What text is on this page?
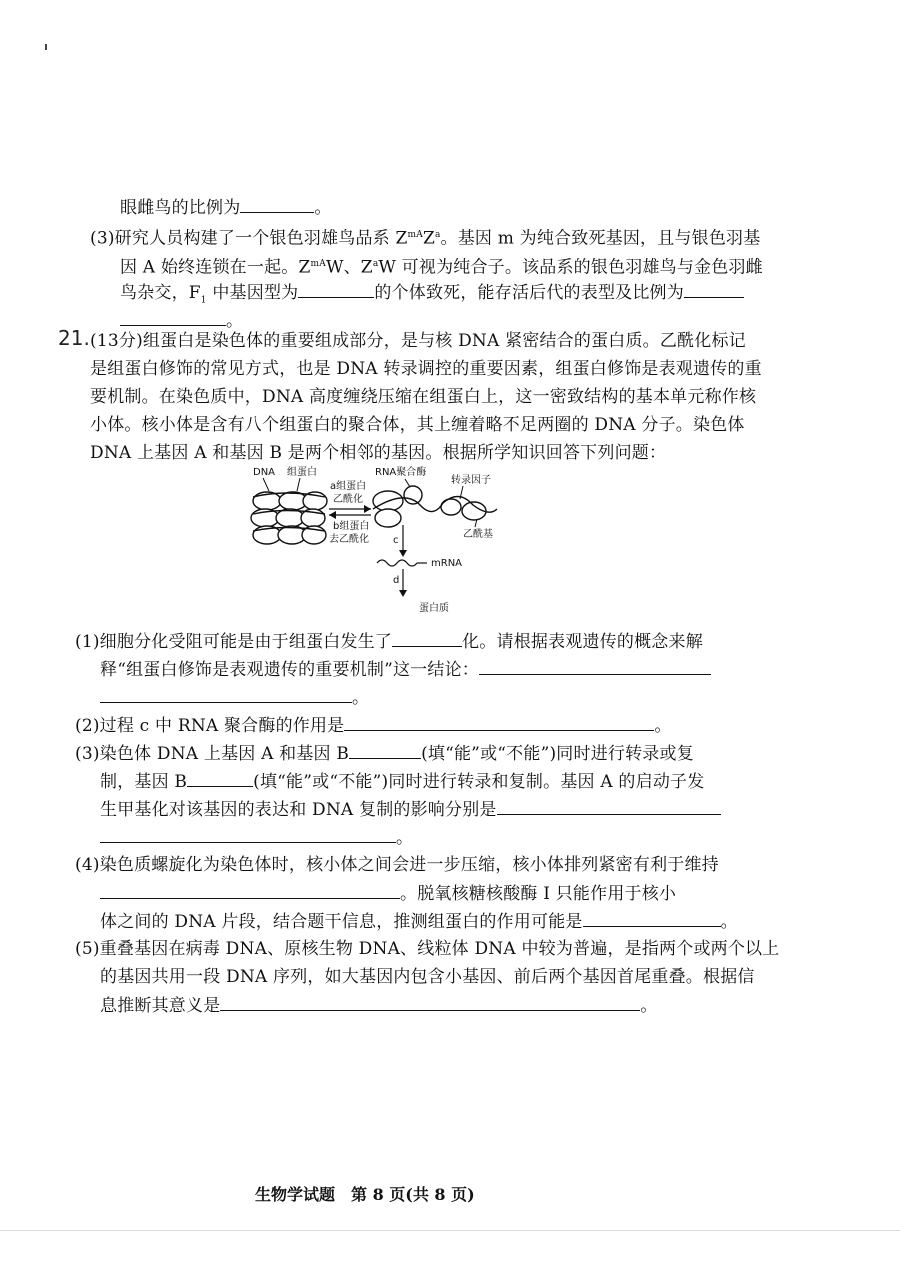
眼雌鸟的比例为	。
(3)研究人员构建了一个银色羽雄鸟品系 $Z^{mA}Z^a$。基因 m 为纯合致死基因，且与银色羽基
因 A 始终连锁在一起。$Z^{mA}W$、$Z^aW$ 可视为纯合子。该品系的银色羽雄鸟与金色羽雌
鸟杂交，$F_1$ 中基因型为	的个体致死，能存活后代的表型及比例为
。
21. (13分)组蛋白是染色体的重要组成部分，是与核 DNA 紧密结合的蛋白质。乙酰化标记
是组蛋白修饰的常见方式，也是 DNA 转录调控的重要因素，组蛋白修饰是表观遗传的重
要机制。在染色质中，DNA 高度缠绕压缩在组蛋白上，这一密致结构的基本单元称作核
小体。核小体是含有八个组蛋白的聚合体，其上缠着略不足两圈的 DNA 分子。染色体
DNA 上基因 A 和基因 B 是两个相邻的基因。根据所学知识回答下列问题：
DNA 组蛋白
a组蛋白
乙酰化
b组蛋白
去乙酰化
RNA聚合酶
转录因子
乙酰基
c
mRNA
d
蛋白质
(1)细胞分化受阻可能是由于组蛋白发生了	化。请根据表观遗传的概念来解
释“组蛋白修饰是表观遗传的重要机制”这一结论：
。
(2)过程 c 中 RNA 聚合酶的作用是	。
(3)染色体 DNA 上基因 A 和基因 B	(填“能”或“不能”)同时进行转录或复
制，基因 B	(填“能”或“不能”)同时进行转录和复制。基因 A 的启动子发
生甲基化对该基因的表达和 DNA 复制的影响分别是
。
(4)染色质螺旋化为染色体时，核小体之间会进一步压缩，核小体排列紧密有利于维持
。脱氧核糖核酸酶 I 只能作用于核小
体之间的 DNA 片段，结合题干信息，推测组蛋白的作用可能是	。
(5)重叠基因在病毒 DNA、原核生物 DNA、线粒体 DNA 中较为普遍，是指两个或两个以上
的基因共用一段 DNA 序列，如大基因内包含小基因、前后两个基因首尾重叠。根据信
息推断其意义是	。
生物学试题　第 8 页(共 8 页)
